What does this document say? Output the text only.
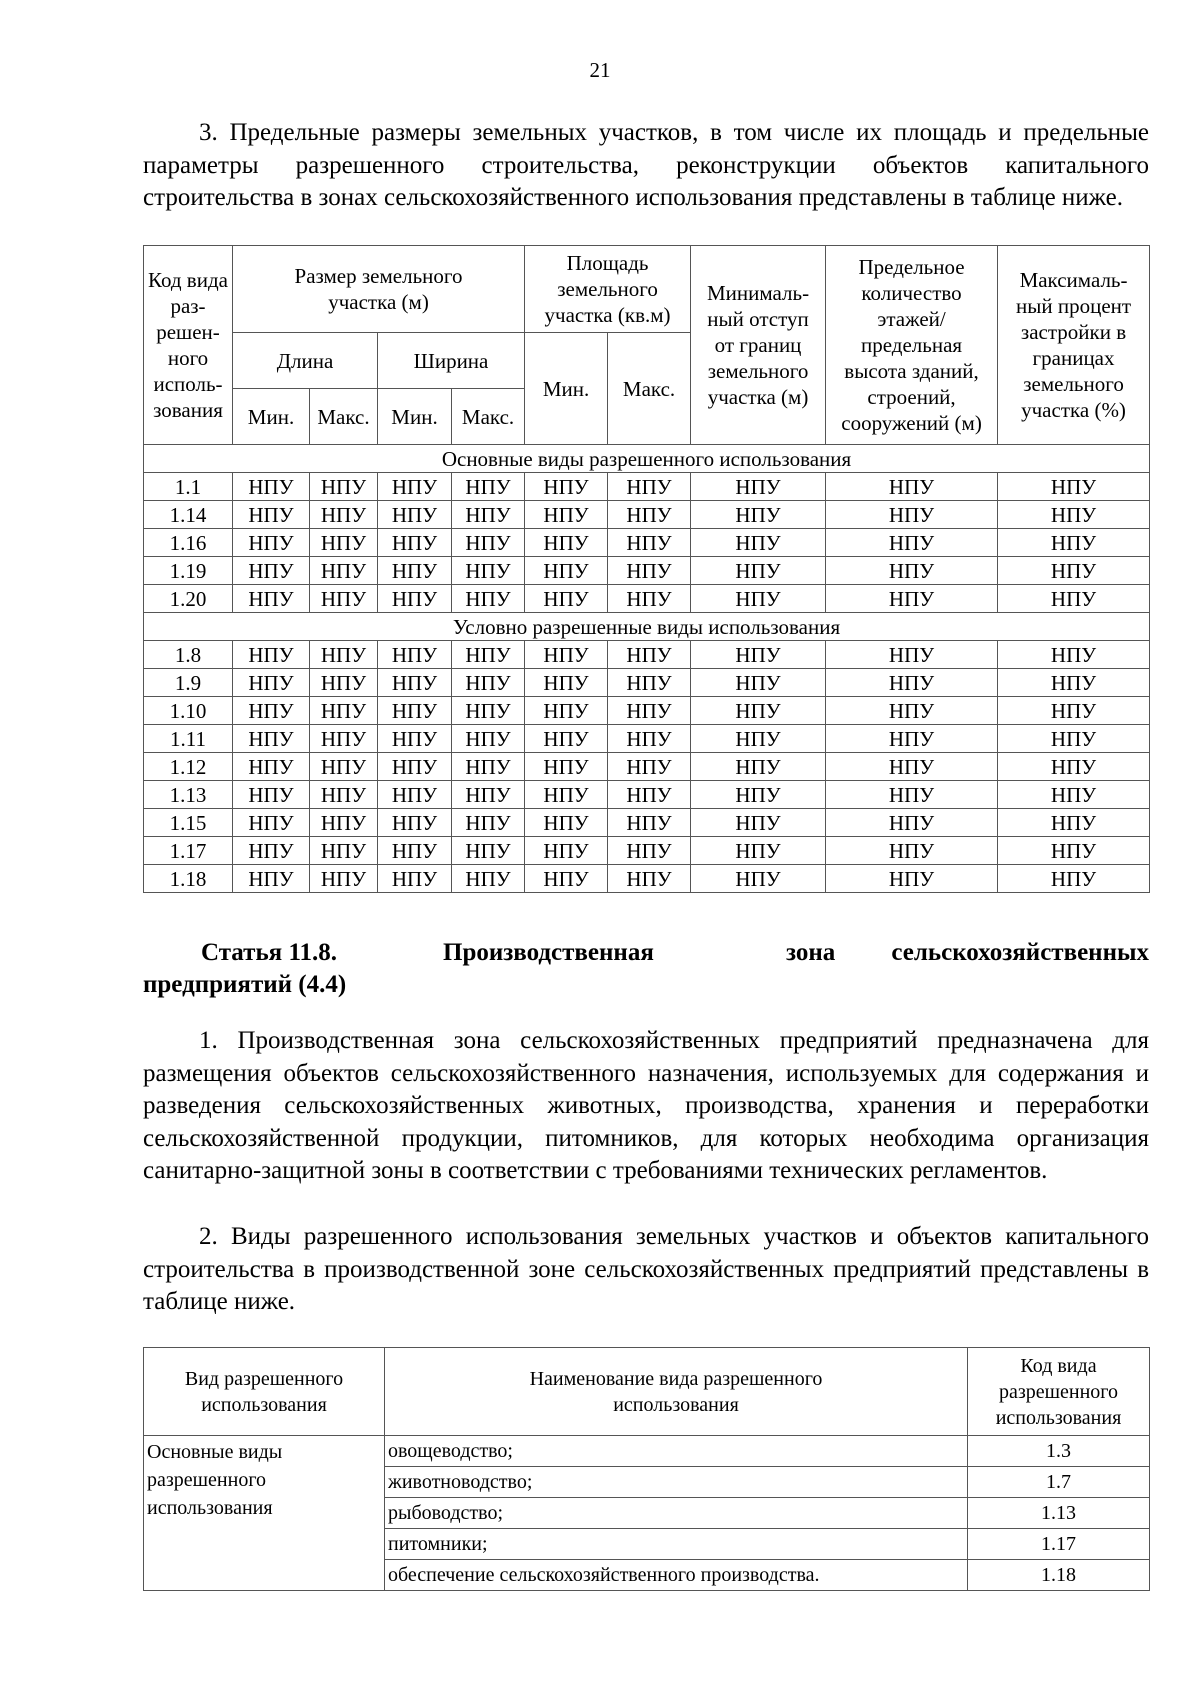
21

3. Предельные размеры земельных участков, в том числе их площадь и предельные параметры разрешенного строительства, реконструкции объектов капитального строительства в зонах сельскохозяйственного использования представлены в таблице ниже.

Код вида раз-решен-ного исполь-зования	Размер земельного участка (м)				Площадь земельного участка (кв.м)		Минималь-ный отступ от границ земельного участка (м)	Предельное количество этажей/ предельная высота зданий, строений, сооружений (м)	Максималь-ный процент застройки в границах земельного участка (%)
	Длина		Ширина		Мин.	Макс.			
	Мин.	Макс.	Мин.	Макс.					
Основные виды разрешенного использования									
1.1	НПУ	НПУ	НПУ	НПУ	НПУ	НПУ	НПУ	НПУ	НПУ
1.14	НПУ	НПУ	НПУ	НПУ	НПУ	НПУ	НПУ	НПУ	НПУ
1.16	НПУ	НПУ	НПУ	НПУ	НПУ	НПУ	НПУ	НПУ	НПУ
1.19	НПУ	НПУ	НПУ	НПУ	НПУ	НПУ	НПУ	НПУ	НПУ
1.20	НПУ	НПУ	НПУ	НПУ	НПУ	НПУ	НПУ	НПУ	НПУ
Условно разрешенные виды использования									
1.8	НПУ	НПУ	НПУ	НПУ	НПУ	НПУ	НПУ	НПУ	НПУ
1.9	НПУ	НПУ	НПУ	НПУ	НПУ	НПУ	НПУ	НПУ	НПУ
1.10	НПУ	НПУ	НПУ	НПУ	НПУ	НПУ	НПУ	НПУ	НПУ
1.11	НПУ	НПУ	НПУ	НПУ	НПУ	НПУ	НПУ	НПУ	НПУ
1.12	НПУ	НПУ	НПУ	НПУ	НПУ	НПУ	НПУ	НПУ	НПУ
1.13	НПУ	НПУ	НПУ	НПУ	НПУ	НПУ	НПУ	НПУ	НПУ
1.15	НПУ	НПУ	НПУ	НПУ	НПУ	НПУ	НПУ	НПУ	НПУ
1.17	НПУ	НПУ	НПУ	НПУ	НПУ	НПУ	НПУ	НПУ	НПУ
1.18	НПУ	НПУ	НПУ	НПУ	НПУ	НПУ	НПУ	НПУ	НПУ
Статья 11.8.	Производственная	зона сельскохозяйственных
предприятий (4.4)

1. Производственная зона сельскохозяйственных предприятий предназначена для размещения объектов сельскохозяйственного назначения, используемых для содержания и разведения сельскохозяйственных животных, производства, хранения и переработки сельскохозяйственной продукции, питомников, для которых необходима организация санитарно-защитной зоны в соответствии с требованиями технических регламентов.

2. Виды разрешенного использования земельных участков и объектов капитального строительства в производственной зоне сельскохозяйственных предприятий представлены в таблице ниже.

Вид разрешенного использования	Наименование вида разрешенного использования	Код вида разрешенного использования
Основные виды разрешенного использования	овощеводство;	1.3
	животноводство;	1.7
	рыбоводство;	1.13
	питомники;	1.17
	обеспечение сельскохозяйственного производства.	1.18
